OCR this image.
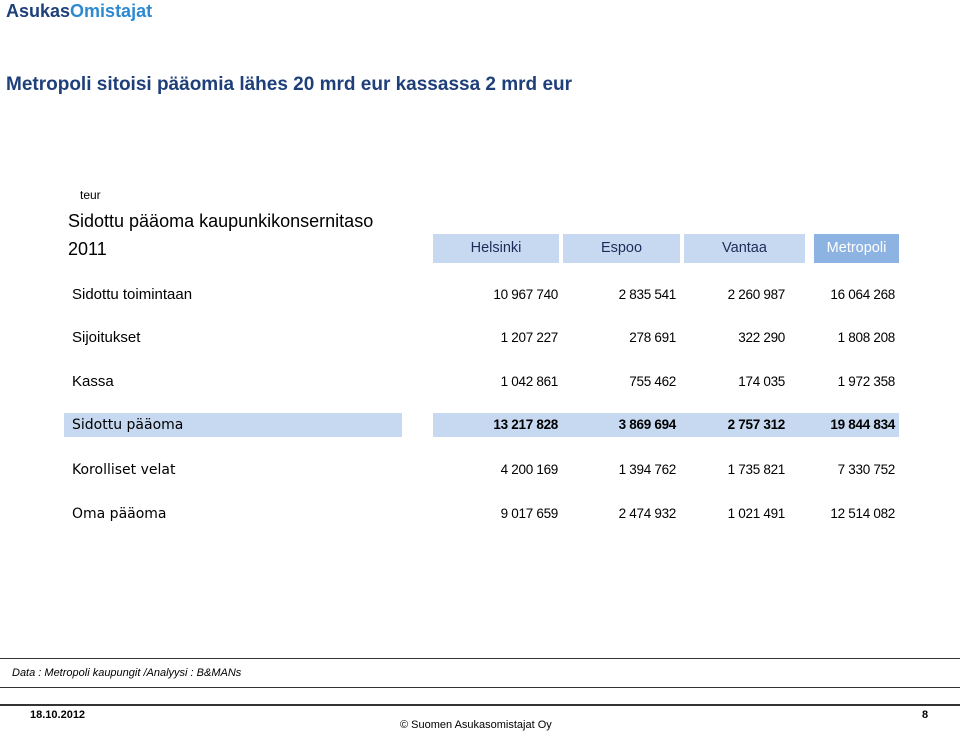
AsukasOmistajat
Metropoli sitoisi pääomia lähes 20 mrd eur kassassa 2 mrd eur
teur
Sidottu pääoma kaupunkikonsernitaso
2011	Helsinki	Espoo	Vantaa	Metropoli
Sidottu toimintaan	10 967 740	2 835 541	2 260 987	16 064 268
Sijoitukset	1 207 227	278 691	322 290	1 808 208
Kassa	1 042 861	755 462	174 035	1 972 358
Sidottu pääoma	13 217 828	3 869 694	2 757 312	19 844 834
Korolliset velat	4 200 169	1 394 762	1 735 821	7 330 752
Oma pääoma	9 017 659	2 474 932	1 021 491	12 514 082
Data : Metropoli kaupungit /Analyysi : B&MANs
18.10.2012
© Suomen Asukasomistajat Oy
8
